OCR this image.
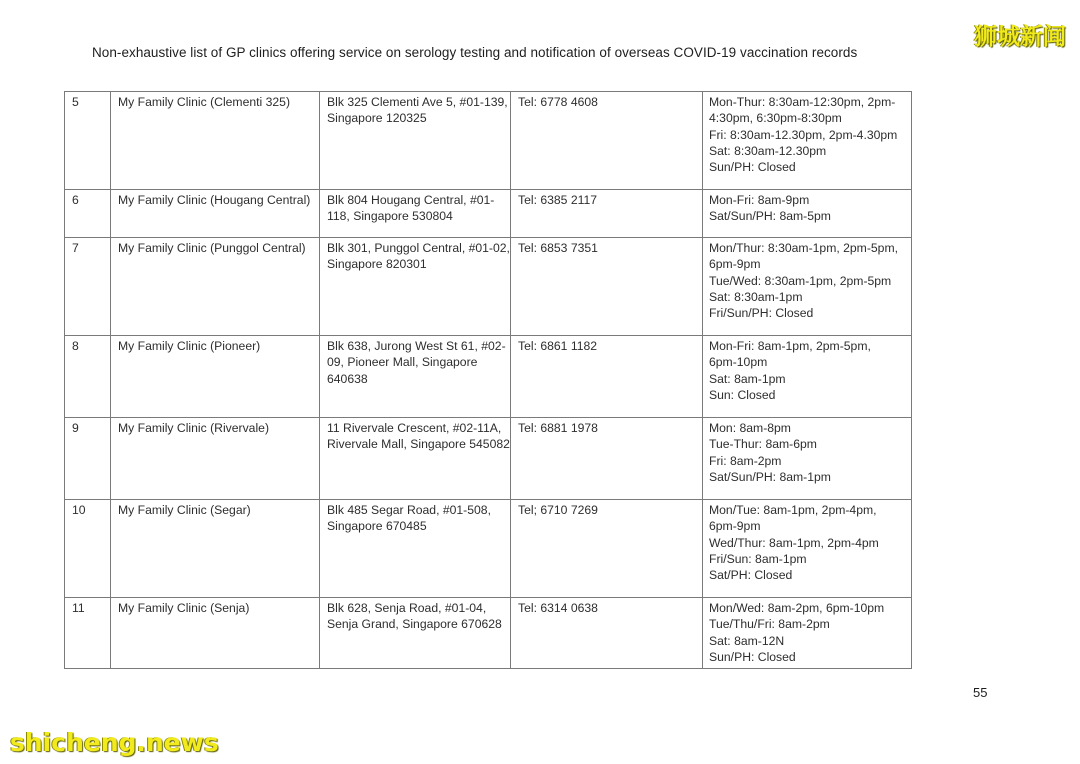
Non-exhaustive list of GP clinics offering service on serology testing and notification of overseas COVID-19 vaccination records
狮城新闻
5	My Family Clinic (Clementi 325)	Blk 325 Clementi Ave 5, #01-139,
Singapore 120325	Tel: 6778 4608	Mon-Thur: 8:30am-12:30pm, 2pm-
4:30pm, 6:30pm-8:30pm
Fri: 8:30am-12.30pm, 2pm-4.30pm
Sat: 8:30am-12.30pm
Sun/PH: Closed

6	My Family Clinic (Hougang Central)	Blk 804 Hougang Central, #01-
118, Singapore 530804	Tel: 6385 2117	Mon-Fri: 8am-9pm
Sat/Sun/PH: 8am-5pm

7	My Family Clinic (Punggol Central)	Blk 301, Punggol Central, #01-02,
Singapore 820301	Tel: 6853 7351	Mon/Thur: 8:30am-1pm, 2pm-5pm,
6pm-9pm
Tue/Wed: 8:30am-1pm, 2pm-5pm
Sat: 8:30am-1pm
Fri/Sun/PH: Closed

8	My Family Clinic (Pioneer)	Blk 638, Jurong West St 61, #02-
09, Pioneer Mall, Singapore
640638	Tel: 6861 1182	Mon-Fri: 8am-1pm, 2pm-5pm,
6pm-10pm
Sat: 8am-1pm
Sun: Closed

9	My Family Clinic (Rivervale)	11 Rivervale Crescent, #02-11A,
Rivervale Mall, Singapore 545082	Tel: 6881 1978	Mon: 8am-8pm
Tue-Thur: 8am-6pm
Fri: 8am-2pm
Sat/Sun/PH: 8am-1pm

10	My Family Clinic (Segar)	Blk 485 Segar Road, #01-508,
Singapore 670485	Tel; 6710 7269	Mon/Tue: 8am-1pm, 2pm-4pm,
6pm-9pm
Wed/Thur: 8am-1pm, 2pm-4pm
Fri/Sun: 8am-1pm
Sat/PH: Closed

11	My Family Clinic (Senja)	Blk 628, Senja Road, #01-04,
Senja Grand, Singapore 670628	Tel: 6314 0638	Mon/Wed: 8am-2pm, 6pm-10pm
Tue/Thu/Fri: 8am-2pm
Sat: 8am-12N
Sun/PH: Closed
55
shicheng.news
